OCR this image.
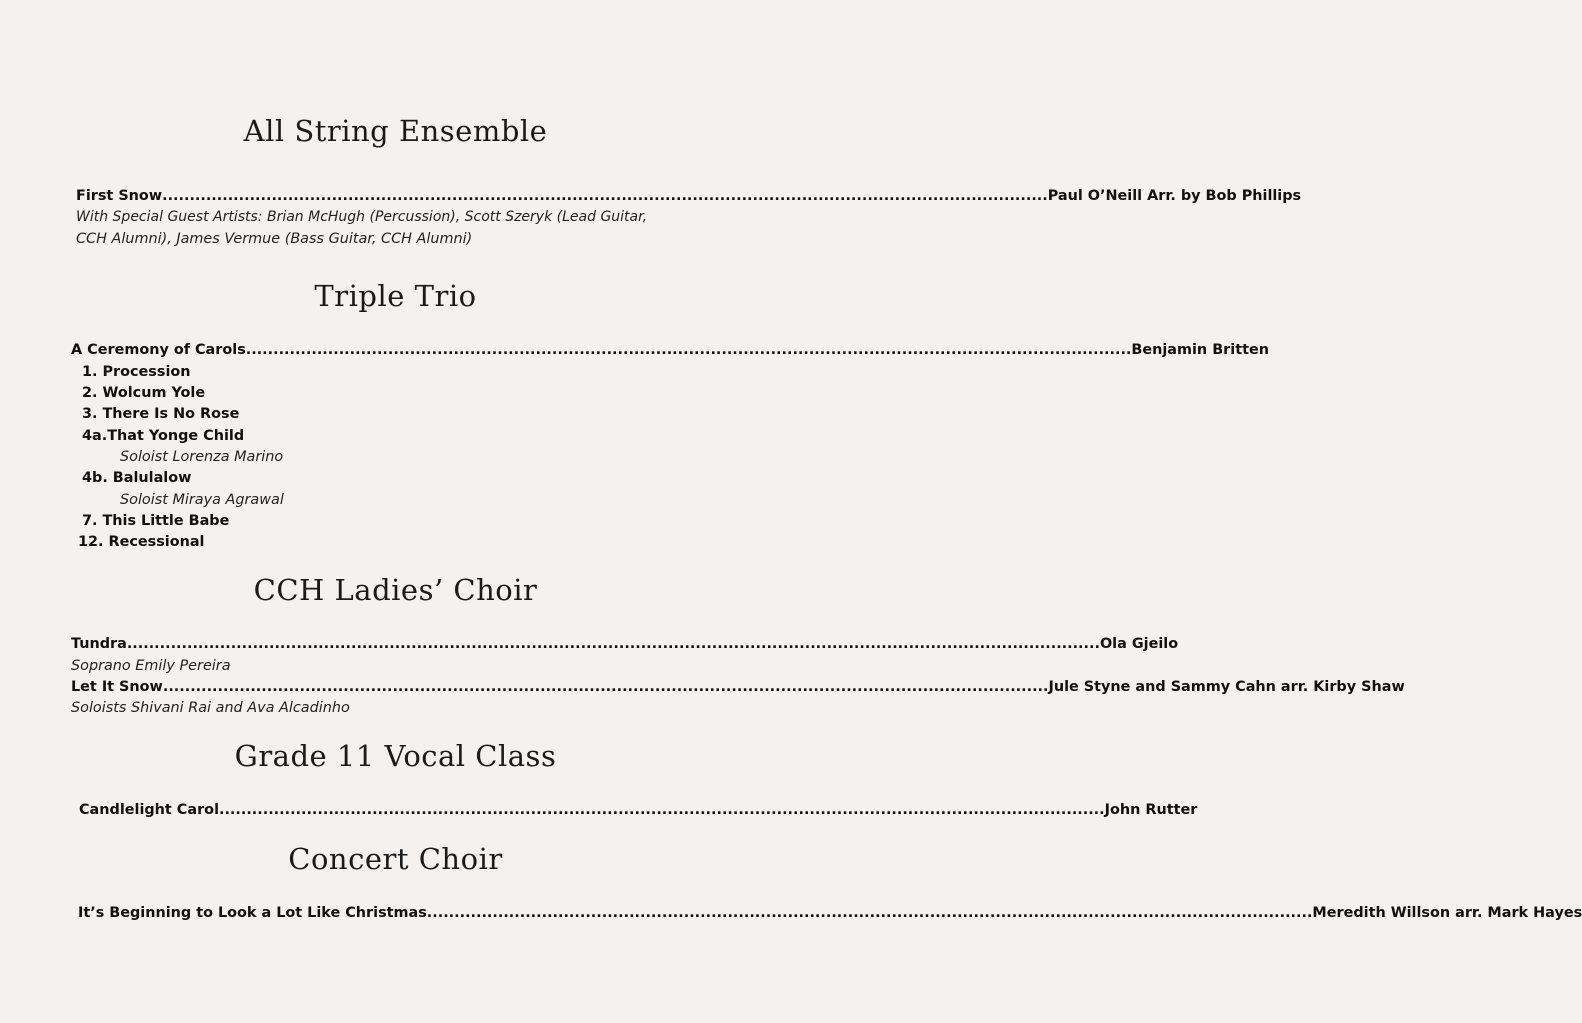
All String Ensemble
First Snow .................................................................................................................................................................. Paul O’Neill Arr. by Bob Phillips
With Special Guest Artists: Brian McHugh (Percussion), Scott Szeryk (Lead Guitar,
CCH Alumni), James Vermue (Bass Guitar, CCH Alumni)
Triple Trio
A Ceremony of Carols .................................................................................................................................................................. Benjamin Britten
1. Procession
2. Wolcum Yole
3. There Is No Rose
4a.That Yonge Child
Soloist Lorenza Marino
4b. Balulalow
Soloist Miraya Agrawal
7. This Little Babe
12. Recessional
CCH Ladies’ Choir
Tundra .................................................................................................................................................................................. Ola Gjeilo
Soprano Emily Pereira
Let It Snow .................................................................................................................................................................. Jule Styne and Sammy Cahn arr. Kirby Shaw
Soloists Shivani Rai and Ava Alcadinho
Grade 11 Vocal Class
Candlelight Carol .................................................................................................................................................................. John Rutter
Concert Choir
It’s Beginning to Look a Lot Like Christmas .................................................................................................................................................................. Meredith Willson arr. Mark Hayes
